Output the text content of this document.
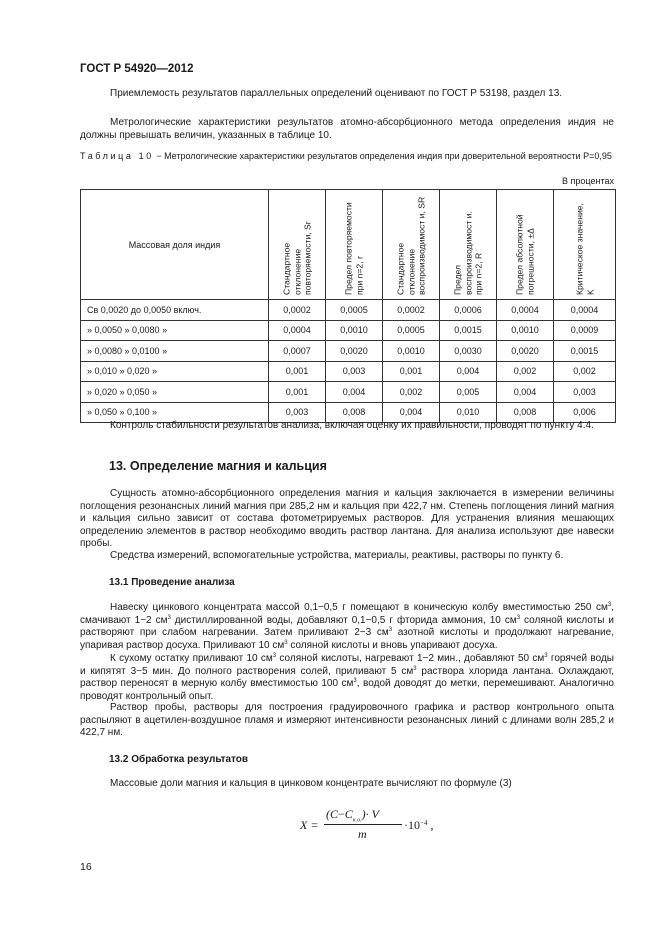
ГОСТ Р 54920—2012
Приемлемость результатов параллельных определений оценивают по ГОСТ Р 53198, раздел 13.
Метрологические характеристики результатов атомно-абсорбционного метода определения индия не должны превышать величин, указанных в таблице 10.
Таблица 10 − Метрологические характеристики результатов определения индия при доверительной вероятности P=0,95
В процентах
Массовая доля индия	Стандартное отклонение повторяемости, Sr	Предел повторяемости при n=2, r	Стандартное отклонение воспроизводимост и, SR	Предел воспроизводимост и. при n=2, R	Предел абсолютной погрешности, ±Δ	Критическое значение, K

Св 0,0020 до 0,0050 включ.	0,0002	0,0005	0,0002	0,0006	0,0004	0,0004
» 0,0050 » 0,0080 »	0,0004	0,0010	0,0005	0,0015	0,0010	0,0009
» 0,0080 » 0,0100 »	0,0007	0,0020	0,0010	0,0030	0,0020	0,0015
» 0,010 » 0,020 »	0,001	0,003	0,001	0,004	0,002	0,002
» 0,020 » 0,050 »	0,001	0,004	0,002	0,005	0,004	0,003
» 0,050 » 0,100 »	0,003	0,008	0,004	0,010	0,008	0,006
Контроль стабильности результатов анализа, включая оценку их правильности, проводят по пункту 4.4.
13. Определение магния и кальция
Сущность атомно-абсорбционного определения магния и кальция заключается в измерении величины поглощения резонансных линий магния при 285,2 нм и кальция при 422,7 нм. Степень поглощения линий магния и кальция сильно зависит от состава фотометрируемых растворов. Для устранения влияния мешающих определению элементов в раствор необходимо вводить раствор лантана. Для анализа используют две навески пробы.
Средства измерений, вспомогательные устройства, материалы, реактивы, растворы по пункту 6.
13.1 Проведение анализа
Навеску цинкового концентрата массой 0,1−0,5 г помещают в коническую колбу вместимостью 250 $см^3$, смачивают 1−2 $см^3$ дистиллированной воды, добавляют 0,1−0,5 г фторида аммония, 10 $см^3$ соляной кислоты и растворяют при слабом нагревании. Затем приливают 2−3 $см^3$ азотной кислоты и продолжают нагревание, упаривая раствор досуха. Приливают 10 $см^3$ соляной кислоты и вновь упаривают досуха.
К сухому остатку приливают 10 $см^3$ соляной кислоты, нагревают 1−2 мин., добавляют 50 $см^3$ горячей воды и кипятят 3−5 мин. До полного растворения солей, приливают 5 $см^3$ раствора хлорида лантана. Охлаждают, раствор переносят в мерную колбу вместимостью 100 $см^3$, водой доводят до метки, перемешивают. Аналогично проводят контрольный опыт.
Раствор пробы, растворы для построения градуировочного графика и раствор контрольного опыта распыляют в ацетилен-воздушное пламя и измеряют интенсивности резонансных линий с длинами волн 285,2 и 422,7 нм.
13.2 Обработка результатов
Массовые доли магния и кальция в цинковом концентрате вычисляют по формуле (3)
X =
$(C-C_{к.о.})\cdot V$
m
$\cdot 10^{-4}$ ,
16
